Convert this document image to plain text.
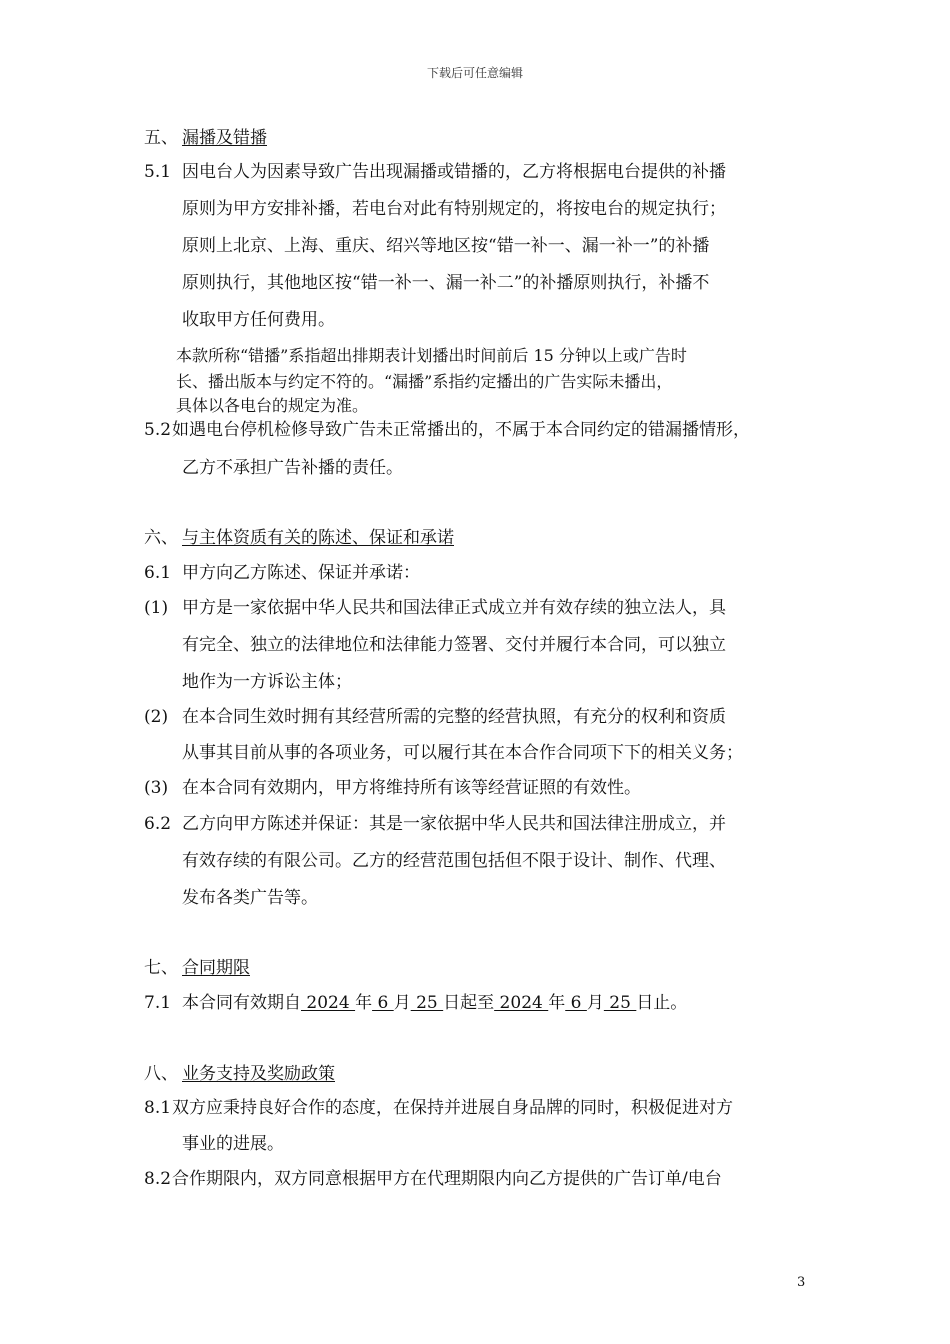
下载后可任意编辑
五、 漏播及错播
5.1 因电台人为因素导致广告出现漏播或错播的，乙方将根据电台提供的补播
原则为甲方安排补播，若电台对此有特别规定的，将按电台的规定执行；
原则上北京、上海、重庆、绍兴等地区按“错一补一、漏一补一”的补播
原则执行，其他地区按“错一补一、漏一补二”的补播原则执行，补播不
收取甲方任何费用。
本款所称“错播”系指超出排期表计划播出时间前后 15 分钟以上或广告时
长、播出版本与约定不符的。“漏播”系指约定播出的广告实际未播出，
具体以各电台的规定为准。
5.2 如遇电台停机检修导致广告未正常播出的，不属于本合同约定的错漏播情形，
乙方不承担广告补播的责任。
六、 与主体资质有关的陈述、保证和承诺
6.1 甲方向乙方陈述、保证并承诺：
(1) 甲方是一家依据中华人民共和国法律正式成立并有效存续的独立法人，具
有完全、独立的法律地位和法律能力签署、交付并履行本合同，可以独立
地作为一方诉讼主体；
(2) 在本合同生效时拥有其经营所需的完整的经营执照，有充分的权利和资质
从事其目前从事的各项业务，可以履行其在本合作合同项下下的相关义务；
(3) 在本合同有效期内，甲方将维持所有该等经营证照的有效性。
6.2 乙方向甲方陈述并保证：其是一家依据中华人民共和国法律注册成立，并
有效存续的有限公司。乙方的经营范围包括但不限于设计、制作、代理、
发布各类广告等。
七、 合同期限
7.1 本合同有效期自 2024 年 6 月 25 日起至 2024 年 6 月 25 日止。
八、 业务支持及奖励政策
8.1 双方应秉持良好合作的态度，在保持并进展自身品牌的同时，积极促进对方
事业的进展。
8.2 合作期限内，双方同意根据甲方在代理期限内向乙方提供的广告订单/电台
3
